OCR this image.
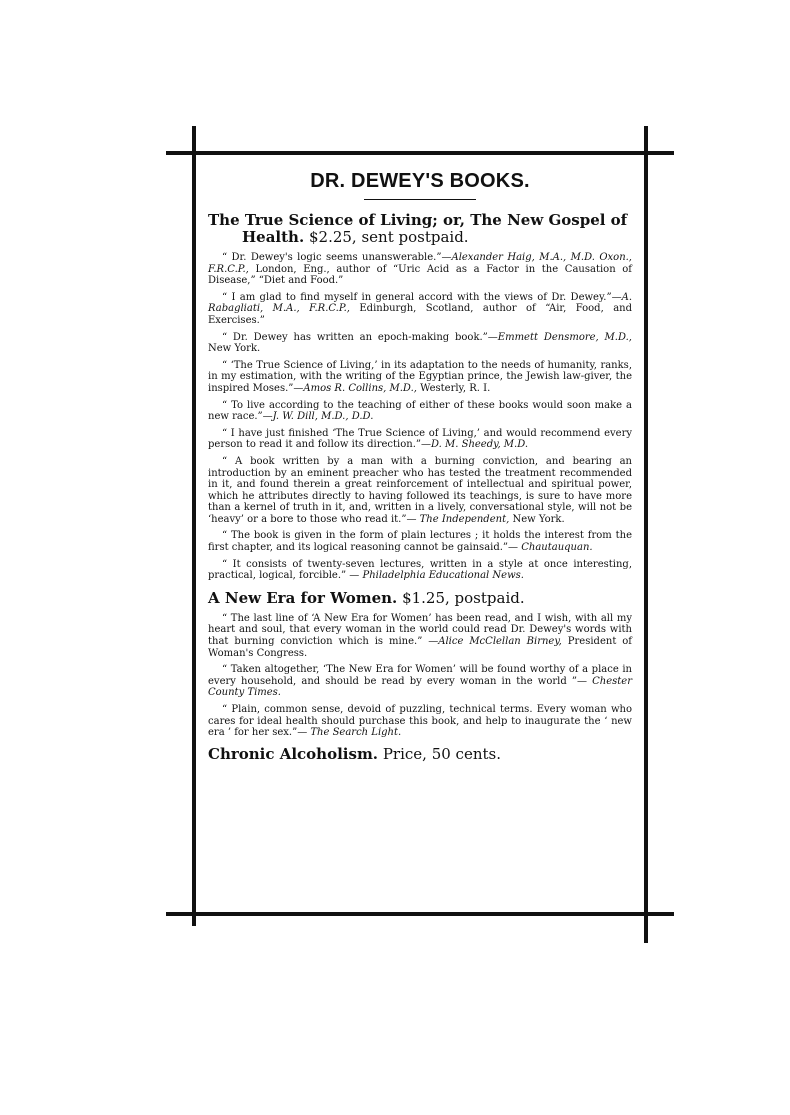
DR. DEWEY'S BOOKS.
The True Science of Living; or, The New Gospel of Health. $2.25, sent postpaid.

“ Dr. Dewey's logic seems unanswerable.”—Alexander Haig, M.A., M.D. Oxon., F.R.C.P., London, Eng., author of “Uric Acid as a Factor in the Causation of Disease,” “Diet and Food.”

“ I am glad to find myself in general accord with the views of Dr. Dewey.”—A. Rabagliati, M.A., F.R.C.P., Edinburgh, Scotland, author of “Air, Food, and Exercises.”

“ Dr. Dewey has written an epoch-making book.”—Emmett Densmore, M.D., New York.

“ ‘The True Science of Living,’ in its adaptation to the needs of humanity, ranks, in my estimation, with the writing of the Egyptian prince, the Jewish law-giver, the inspired Moses.”—Amos R. Collins, M.D., Westerly, R. I.

“ To live according to the teaching of either of these books would soon make a new race.”—J. W. Dill, M.D., D.D.

“ I have just finished ‘The True Science of Living,’ and would recommend every person to read it and follow its direction.”—D. M. Sheedy, M.D.

“ A book written by a man with a burning conviction, and bearing an introduction by an eminent preacher who has tested the treatment recommended in it, and found therein a great reinforcement of intellectual and spiritual power, which he attributes directly to having followed its teachings, is sure to have more than a kernel of truth in it, and, written in a lively, conversational style, will not be ‘heavy’ or a bore to those who read it.”— The Independent, New York.

“ The book is given in the form of plain lectures ; it holds the interest from the first chapter, and its logical reasoning cannot be gainsaid.”— Chautauquan.

“ It consists of twenty-seven lectures, written in a style at once interesting, practical, logical, forcible.” — Philadelphia Educational News.

A New Era for Women. $1.25, postpaid.

“ The last line of ‘A New Era for Women’ has been read, and I wish, with all my heart and soul, that every woman in the world could read Dr. Dewey's words with that burning conviction which is mine.” —Alice McClellan Birney, President of Woman's Congress.

“ Taken altogether, ‘The New Era for Women’ will be found worthy of a place in every household, and should be read by every woman in the world ”— Chester County Times.

“ Plain, common sense, devoid of puzzling, technical terms. Every woman who cares for ideal health should purchase this book, and help to inaugurate the ‘ new era ’ for her sex.”— The Search Light.

Chronic Alcoholism. Price, 50 cents.
